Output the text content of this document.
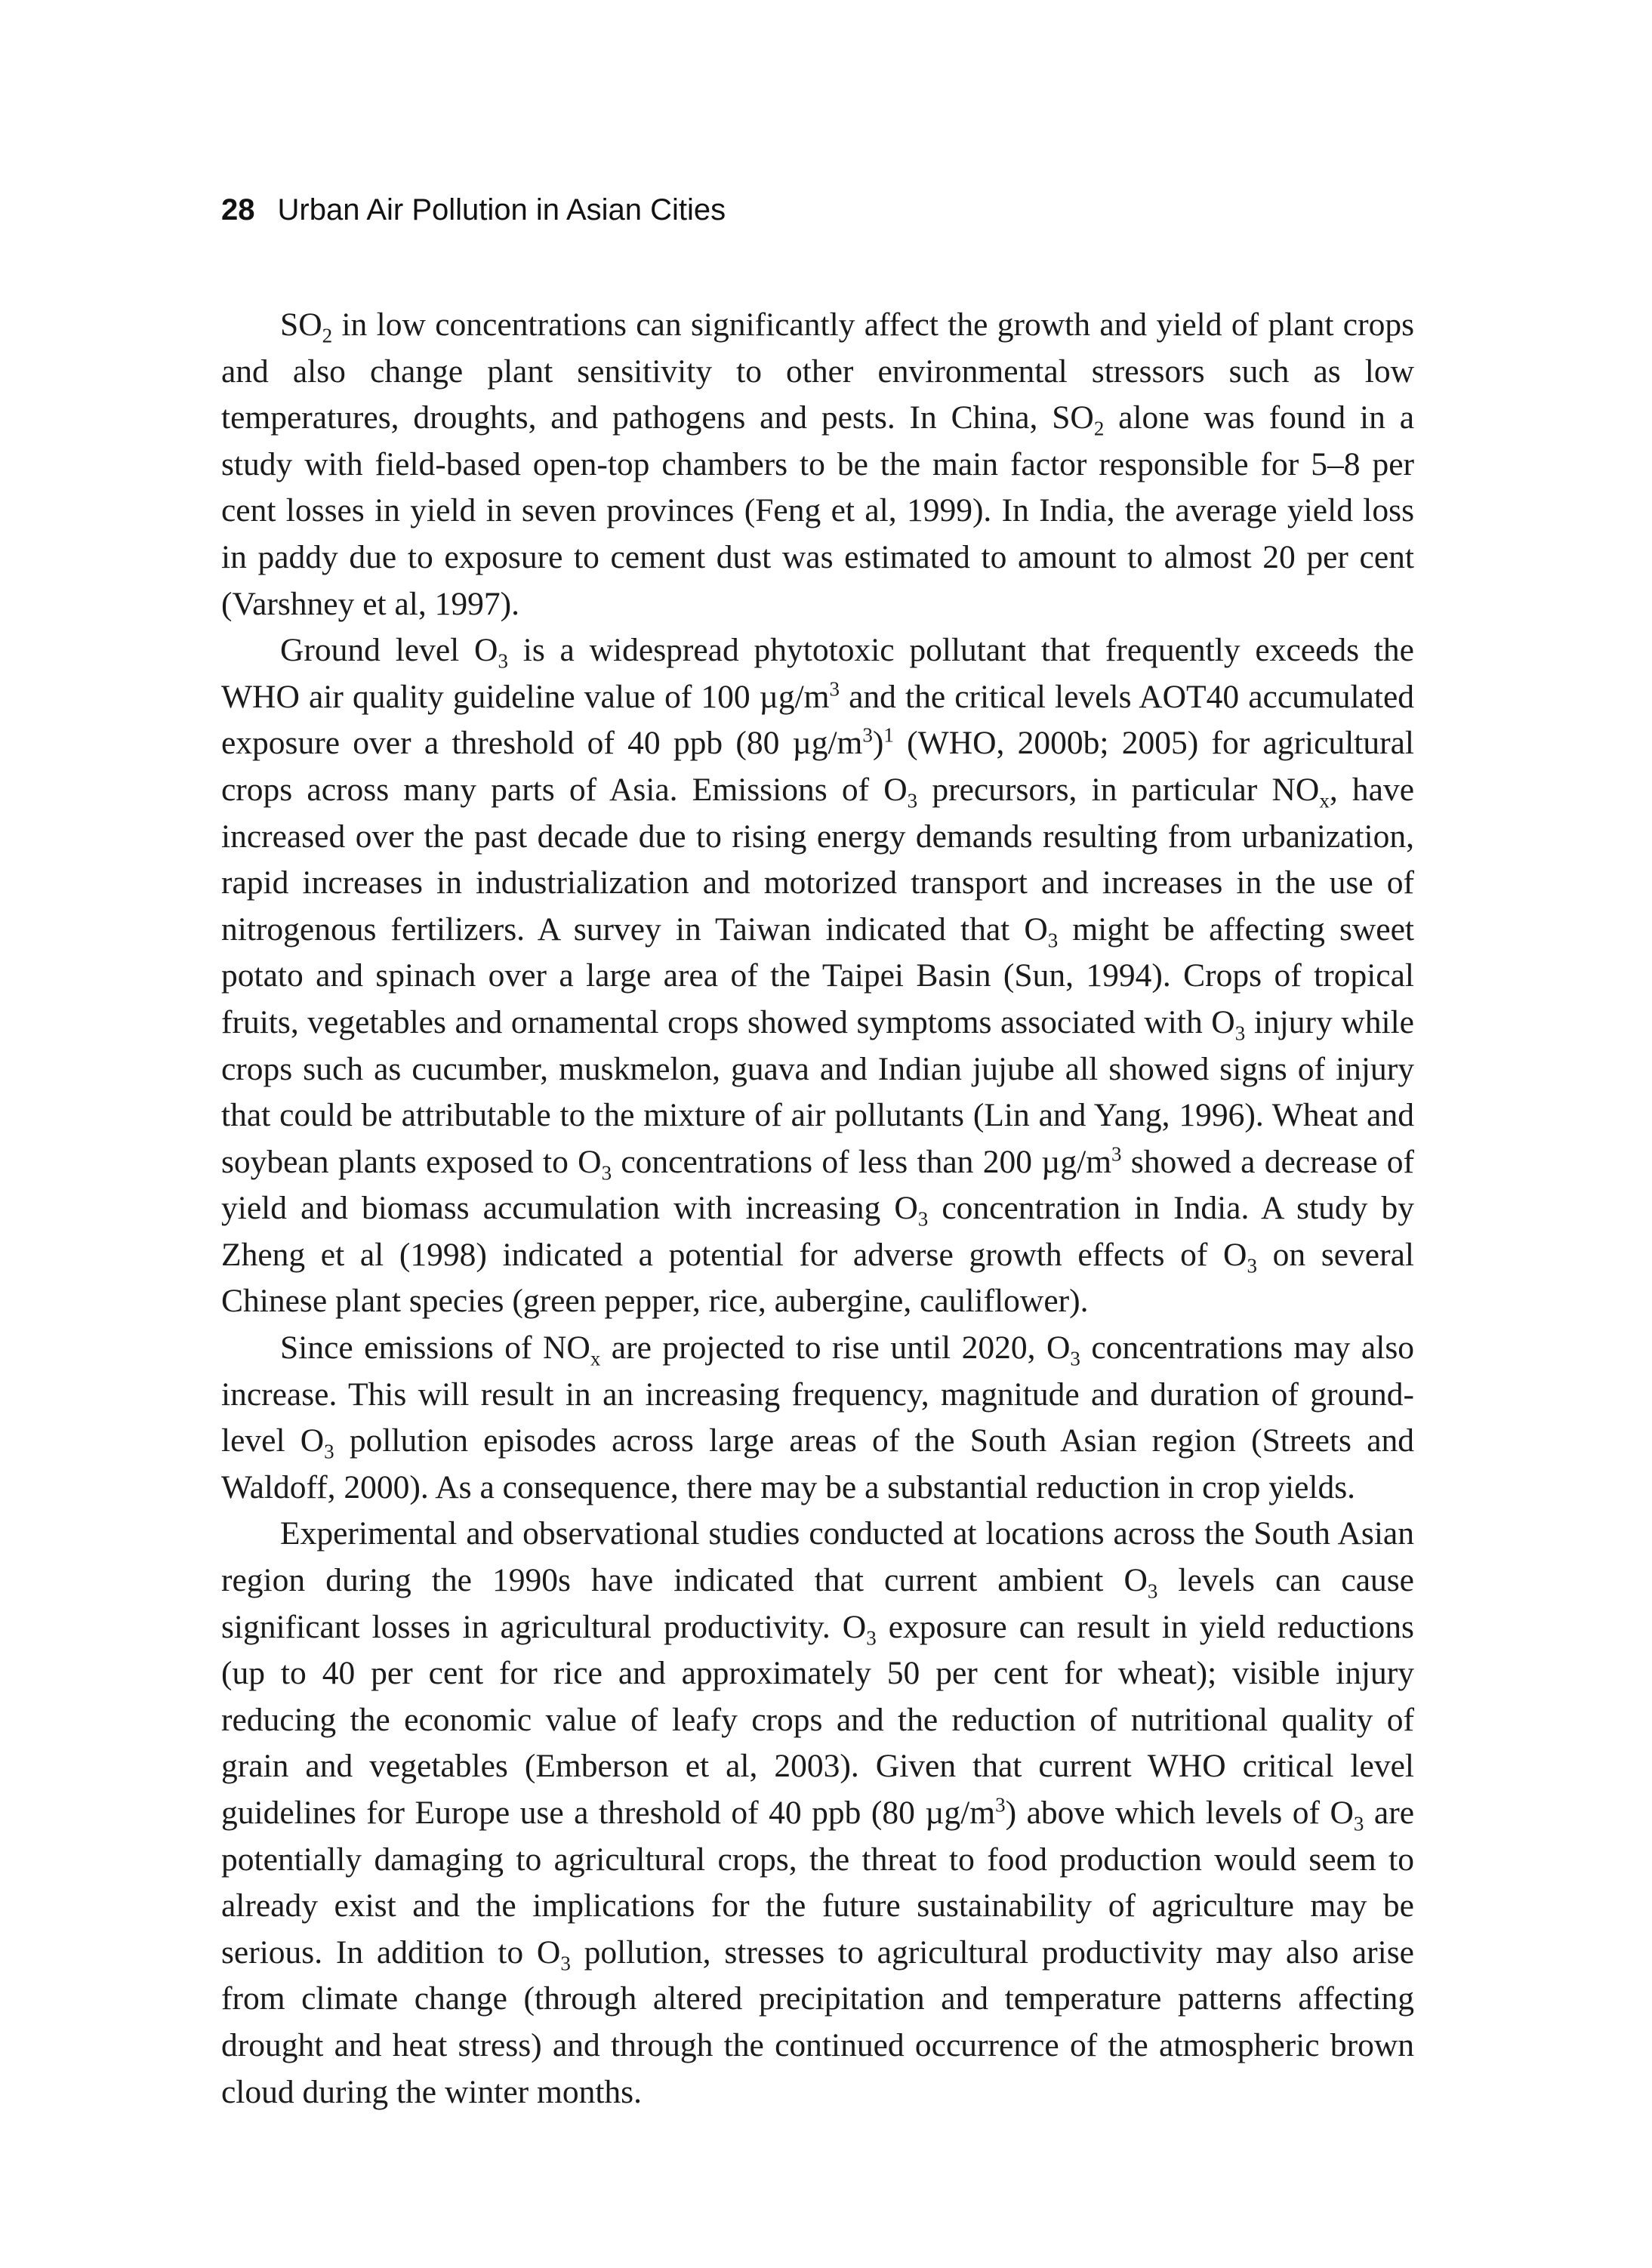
28 Urban Air Pollution in Asian Cities

$SO_2$ in low concentrations can significantly affect the growth and yield of plant crops and also change plant sensitivity to other environmental stressors such as low temperatures, droughts, and pathogens and pests. In China, $SO_2$ alone was found in a study with field-based open-top chambers to be the main factor responsible for 5–8 per cent losses in yield in seven provinces (Feng et al, 1999). In India, the average yield loss in paddy due to exposure to cement dust was estimated to amount to almost 20 per cent (Varshney et al, 1997).

Ground level $O_3$ is a widespread phytotoxic pollutant that frequently exceeds the WHO air quality guideline value of 100 $\mu g/m^3$ and the critical levels AOT40 accumulated exposure over a threshold of 40 ppb (80 $\mu g/m^3)^1$ (WHO, 2000b; 2005) for agricultural crops across many parts of Asia. Emissions of $O_3$ precursors, in particular $NO_x$, have increased over the past decade due to rising energy demands resulting from urbanization, rapid increases in industrialization and motorized transport and increases in the use of nitrogenous fertilizers. A survey in Taiwan indicated that $O_3$ might be affecting sweet potato and spinach over a large area of the Taipei Basin (Sun, 1994). Crops of tropical fruits, vegetables and ornamental crops showed symptoms associated with $O_3$ injury while crops such as cucumber, muskmelon, guava and Indian jujube all showed signs of injury that could be attributable to the mixture of air pollutants (Lin and Yang, 1996). Wheat and soybean plants exposed to $O_3$ concentrations of less than 200 $\mu g/m^3$ showed a decrease of yield and biomass accumulation with increasing $O_3$ concentration in India. A study by Zheng et al (1998) indicated a potential for adverse growth effects of $O_3$ on several Chinese plant species (green pepper, rice, aubergine, cauliflower).

Since emissions of $NO_x$ are projected to rise until 2020, $O_3$ concentrations may also increase. This will result in an increasing frequency, magnitude and duration of ground-level $O_3$ pollution episodes across large areas of the South Asian region (Streets and Waldoff, 2000). As a consequence, there may be a substantial reduction in crop yields.

Experimental and observational studies conducted at locations across the South Asian region during the 1990s have indicated that current ambient $O_3$ levels can cause significant losses in agricultural productivity. $O_3$ exposure can result in yield reductions (up to 40 per cent for rice and approximately 50 per cent for wheat); visible injury reducing the economic value of leafy crops and the reduction of nutritional quality of grain and vegetables (Emberson et al, 2003). Given that current WHO critical level guidelines for Europe use a threshold of 40 ppb (80 $\mu g/m^3$) above which levels of $O_3$ are potentially damaging to agricultural crops, the threat to food production would seem to already exist and the implications for the future sustainability of agriculture may be serious. In addition to $O_3$ pollution, stresses to agricultural productivity may also arise from climate change (through altered precipitation and temperature patterns affecting drought and heat stress) and through the continued occurrence of the atmospheric brown cloud during the winter months.
